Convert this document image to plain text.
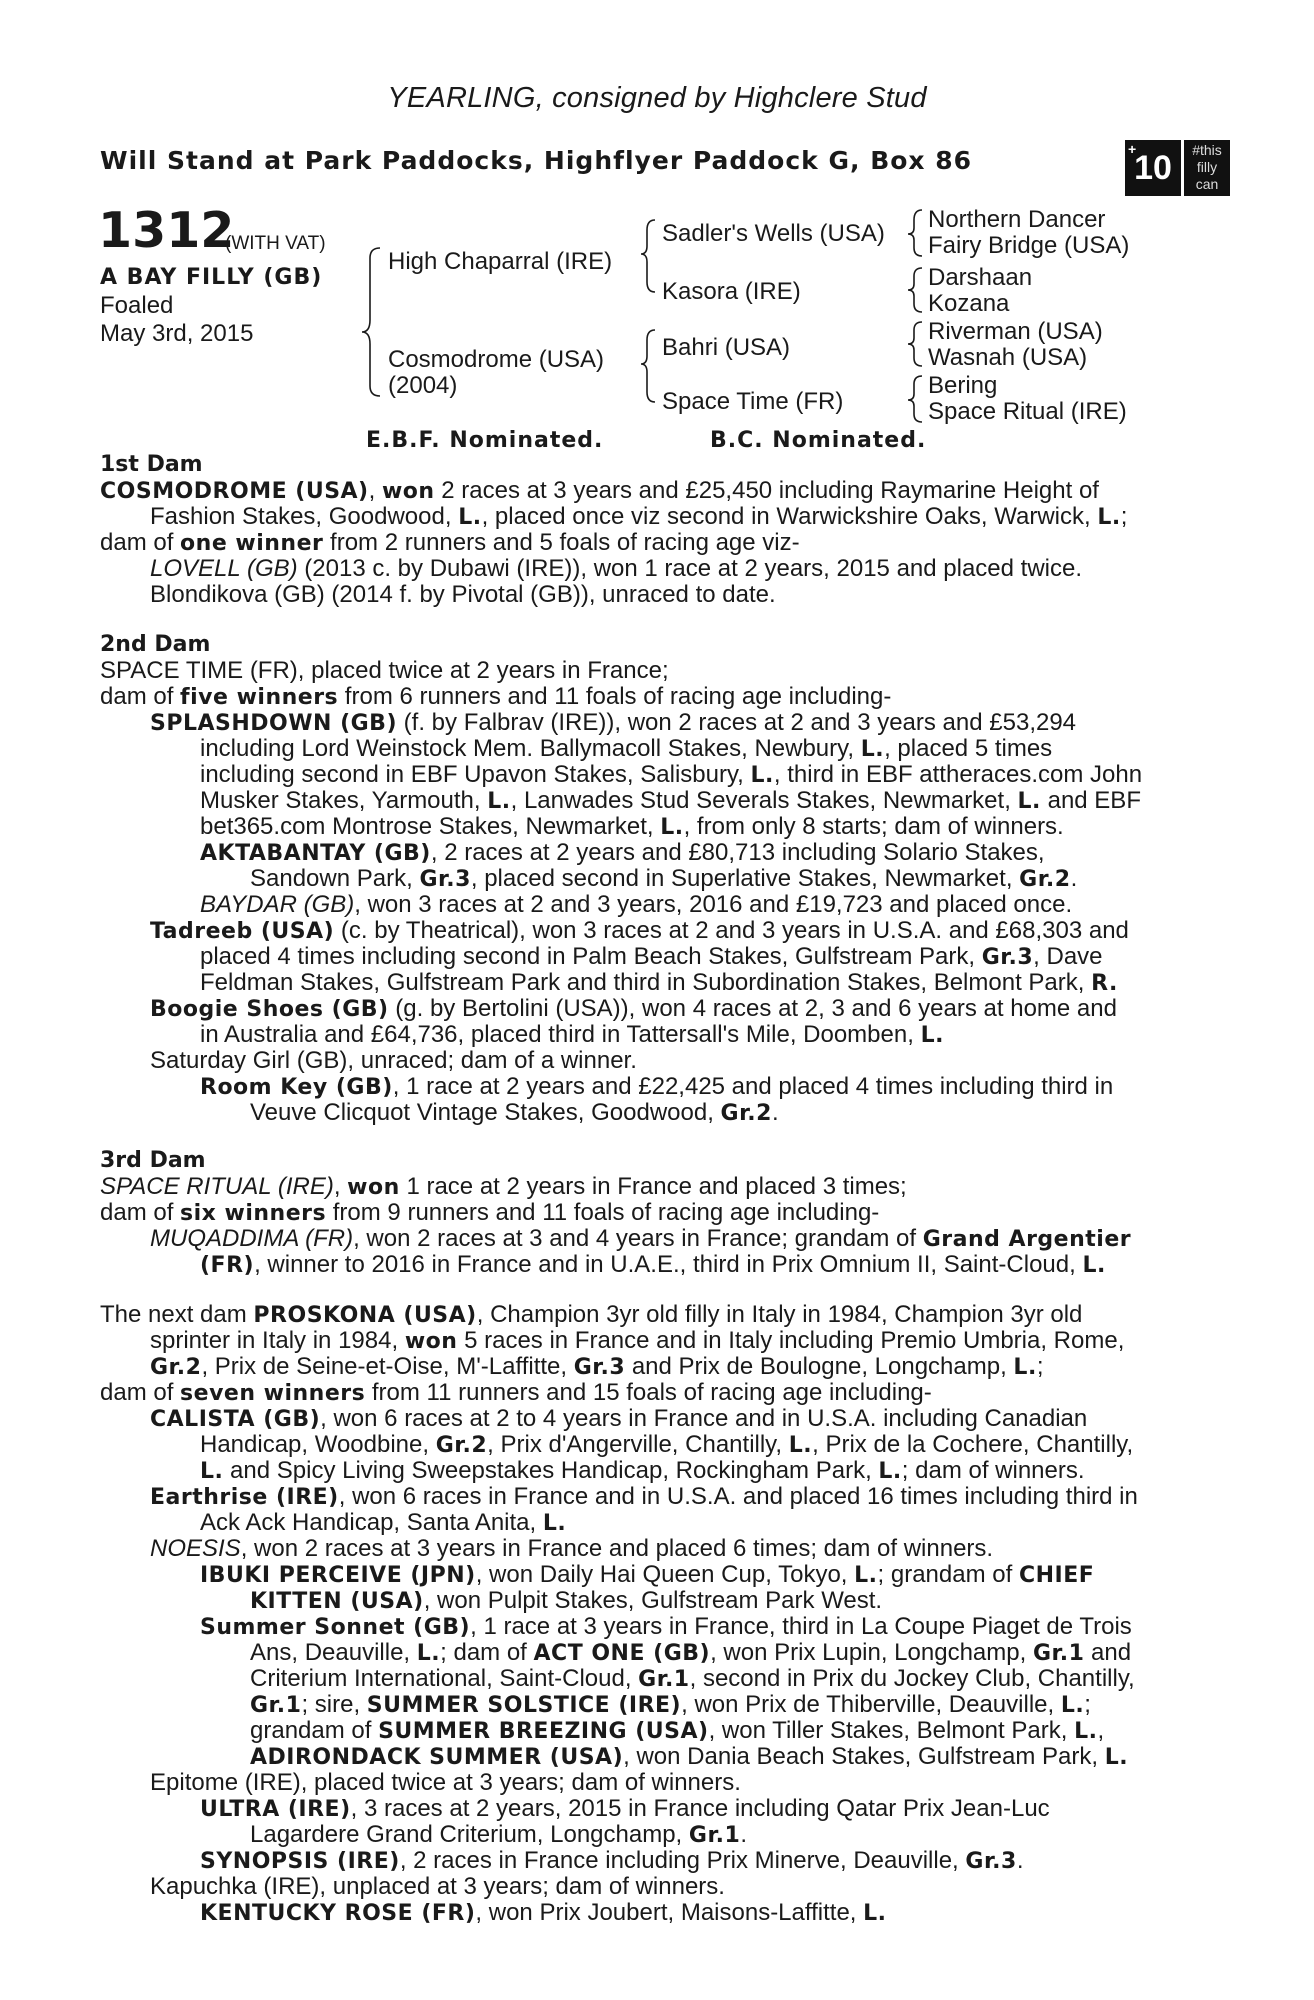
YEARLING, consigned by Highclere Stud
Will Stand at Park Paddocks, Highflyer Paddock G, Box 86	+
10	#this
filly
can
1312
(WITH VAT)
A BAY FILLY (GB)
Foaled
May 3rd, 2015
High Chaparral (IRE)
Cosmodrome (USA)
(2004)
Sadler's Wells (USA)
Kasora (IRE)
Bahri (USA)
Space Time (FR)
Northern Dancer
Fairy Bridge (USA)
Darshaan
Kozana
Riverman (USA)
Wasnah (USA)
Bering
Space Ritual (IRE)
E.B.F. Nominated.	B.C. Nominated.
1st Dam
COSMODROME (USA), won 2 races at 3 years and £25,450 including Raymarine Height of
Fashion Stakes, Goodwood, L., placed once viz second in Warwickshire Oaks, Warwick, L.;
dam of one winner from 2 runners and 5 foals of racing age viz-
LOVELL (GB) (2013 c. by Dubawi (IRE)), won 1 race at 2 years, 2015 and placed twice.
Blondikova (GB) (2014 f. by Pivotal (GB)), unraced to date.
2nd Dam
SPACE TIME (FR), placed twice at 2 years in France;
dam of five winners from 6 runners and 11 foals of racing age including-
SPLASHDOWN (GB) (f. by Falbrav (IRE)), won 2 races at 2 and 3 years and £53,294
including Lord Weinstock Mem. Ballymacoll Stakes, Newbury, L., placed 5 times
including second in EBF Upavon Stakes, Salisbury, L., third in EBF attheraces.com John
Musker Stakes, Yarmouth, L., Lanwades Stud Severals Stakes, Newmarket, L. and EBF
bet365.com Montrose Stakes, Newmarket, L., from only 8 starts; dam of winners.
AKTABANTAY (GB), 2 races at 2 years and £80,713 including Solario Stakes,
Sandown Park, Gr.3, placed second in Superlative Stakes, Newmarket, Gr.2.
BAYDAR (GB), won 3 races at 2 and 3 years, 2016 and £19,723 and placed once.
Tadreeb (USA) (c. by Theatrical), won 3 races at 2 and 3 years in U.S.A. and £68,303 and
placed 4 times including second in Palm Beach Stakes, Gulfstream Park, Gr.3, Dave
Feldman Stakes, Gulfstream Park and third in Subordination Stakes, Belmont Park, R.
Boogie Shoes (GB) (g. by Bertolini (USA)), won 4 races at 2, 3 and 6 years at home and
in Australia and £64,736, placed third in Tattersall's Mile, Doomben, L.
Saturday Girl (GB), unraced; dam of a winner.
Room Key (GB), 1 race at 2 years and £22,425 and placed 4 times including third in
Veuve Clicquot Vintage Stakes, Goodwood, Gr.2.
3rd Dam
SPACE RITUAL (IRE), won 1 race at 2 years in France and placed 3 times;
dam of six winners from 9 runners and 11 foals of racing age including-
MUQADDIMA (FR), won 2 races at 3 and 4 years in France; grandam of Grand Argentier
(FR), winner to 2016 in France and in U.A.E., third in Prix Omnium II, Saint-Cloud, L.
The next dam PROSKONA (USA), Champion 3yr old filly in Italy in 1984, Champion 3yr old
sprinter in Italy in 1984, won 5 races in France and in Italy including Premio Umbria, Rome,
Gr.2, Prix de Seine-et-Oise, M'-Laffitte, Gr.3 and Prix de Boulogne, Longchamp, L.;
dam of seven winners from 11 runners and 15 foals of racing age including-
CALISTA (GB), won 6 races at 2 to 4 years in France and in U.S.A. including Canadian
Handicap, Woodbine, Gr.2, Prix d'Angerville, Chantilly, L., Prix de la Cochere, Chantilly,
L. and Spicy Living Sweepstakes Handicap, Rockingham Park, L.; dam of winners.
Earthrise (IRE), won 6 races in France and in U.S.A. and placed 16 times including third in
Ack Ack Handicap, Santa Anita, L.
NOESIS, won 2 races at 3 years in France and placed 6 times; dam of winners.
IBUKI PERCEIVE (JPN), won Daily Hai Queen Cup, Tokyo, L.; grandam of CHIEF
KITTEN (USA), won Pulpit Stakes, Gulfstream Park West.
Summer Sonnet (GB), 1 race at 3 years in France, third in La Coupe Piaget de Trois
Ans, Deauville, L.; dam of ACT ONE (GB), won Prix Lupin, Longchamp, Gr.1 and
Criterium International, Saint-Cloud, Gr.1, second in Prix du Jockey Club, Chantilly,
Gr.1; sire, SUMMER SOLSTICE (IRE), won Prix de Thiberville, Deauville, L.;
grandam of SUMMER BREEZING (USA), won Tiller Stakes, Belmont Park, L.,
ADIRONDACK SUMMER (USA), won Dania Beach Stakes, Gulfstream Park, L.
Epitome (IRE), placed twice at 3 years; dam of winners.
ULTRA (IRE), 3 races at 2 years, 2015 in France including Qatar Prix Jean-Luc
Lagardere Grand Criterium, Longchamp, Gr.1.
SYNOPSIS (IRE), 2 races in France including Prix Minerve, Deauville, Gr.3.
Kapuchka (IRE), unplaced at 3 years; dam of winners.
KENTUCKY ROSE (FR), won Prix Joubert, Maisons-Laffitte, L.
